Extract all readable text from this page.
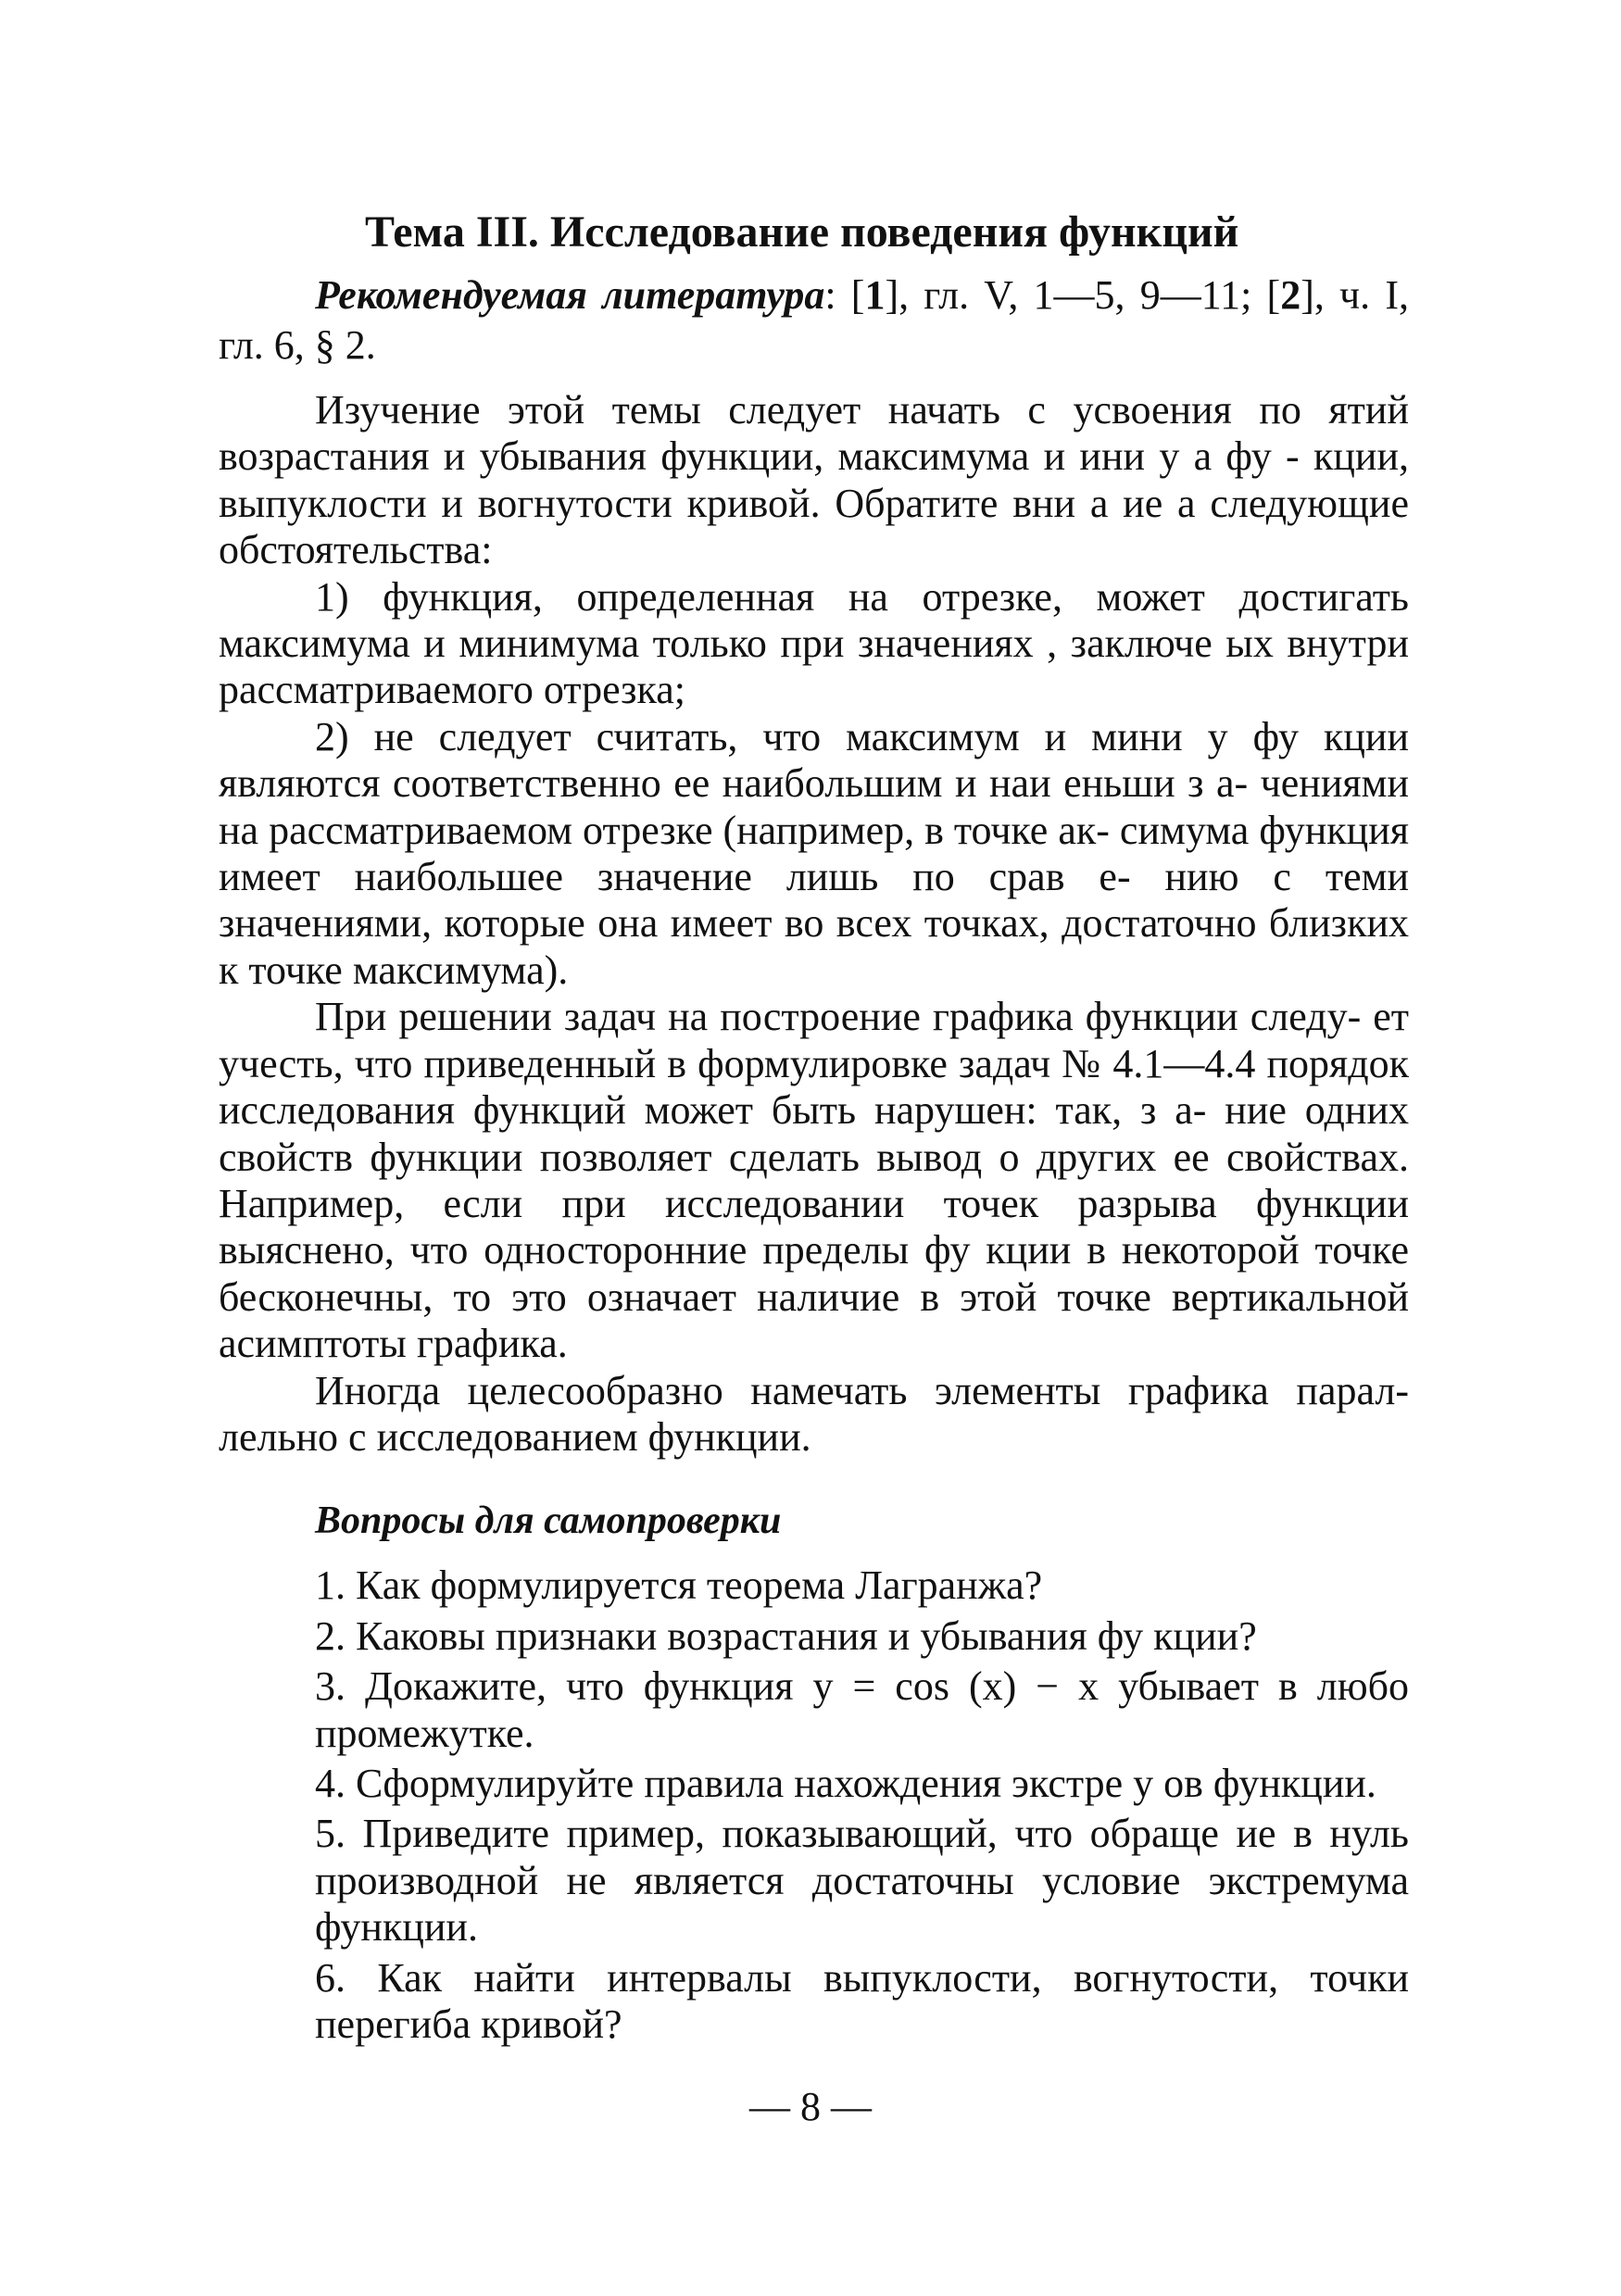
Тема III. Исследование поведения функций

Рекомендуемая литература: [1], гл. V, 1—5, 9—11; [2], ч. I, гл. 6, § 2.

Изучение этой темы следует начать с усвоения по ятий возрастания и убывания функции, максимума и ини у а фу - кции, выпуклости и вогнутости кривой. Обратите вни а ие а следующие обстоятельства:

1) функция, определенная на отрезке, может достигать максимума и минимума только при значениях , заключе ых внутри рассматриваемого отрезка;

2) не следует считать, что максимум и мини у фу кции являются соответственно ее наибольшим и наи еньши з а- чениями на рассматриваемом отрезке (например, в точке ак- симума функция имеет наибольшее значение лишь по срав е- нию с теми значениями, которые она имеет во всех точках, достаточно близких к точке максимума).

При решении задач на построение графика функции следу- ет учесть, что приведенный в формулировке задач № 4.1—4.4 порядок исследования функций может быть нарушен: так, з а- ние одних свойств функции позволяет сделать вывод о других ее свойствах. Например, если при исследовании точек разрыва функции выяснено, что односторонние пределы фу кции в некоторой точке бесконечны, то это означает наличие в этой точке вертикальной асимптоты графика.

Иногда целесообразно намечать элементы графика парал- лельно с исследованием функции.

Вопросы для самопроверки
1. Как формулируется теорема Лагранжа?
2. Каковы признаки возрастания и убывания фу кции?
3. Докажите, что функция y = cos (x) − x убывает в любо промежутке.
4. Сформулируйте правила нахождения экстре у ов функции.
5. Приведите пример, показывающий, что обраще ие в нуль производной не является достаточны условие экстремума функции.
6. Как найти интервалы выпуклости, вогнутости, точки перегиба кривой?
— 8 —
